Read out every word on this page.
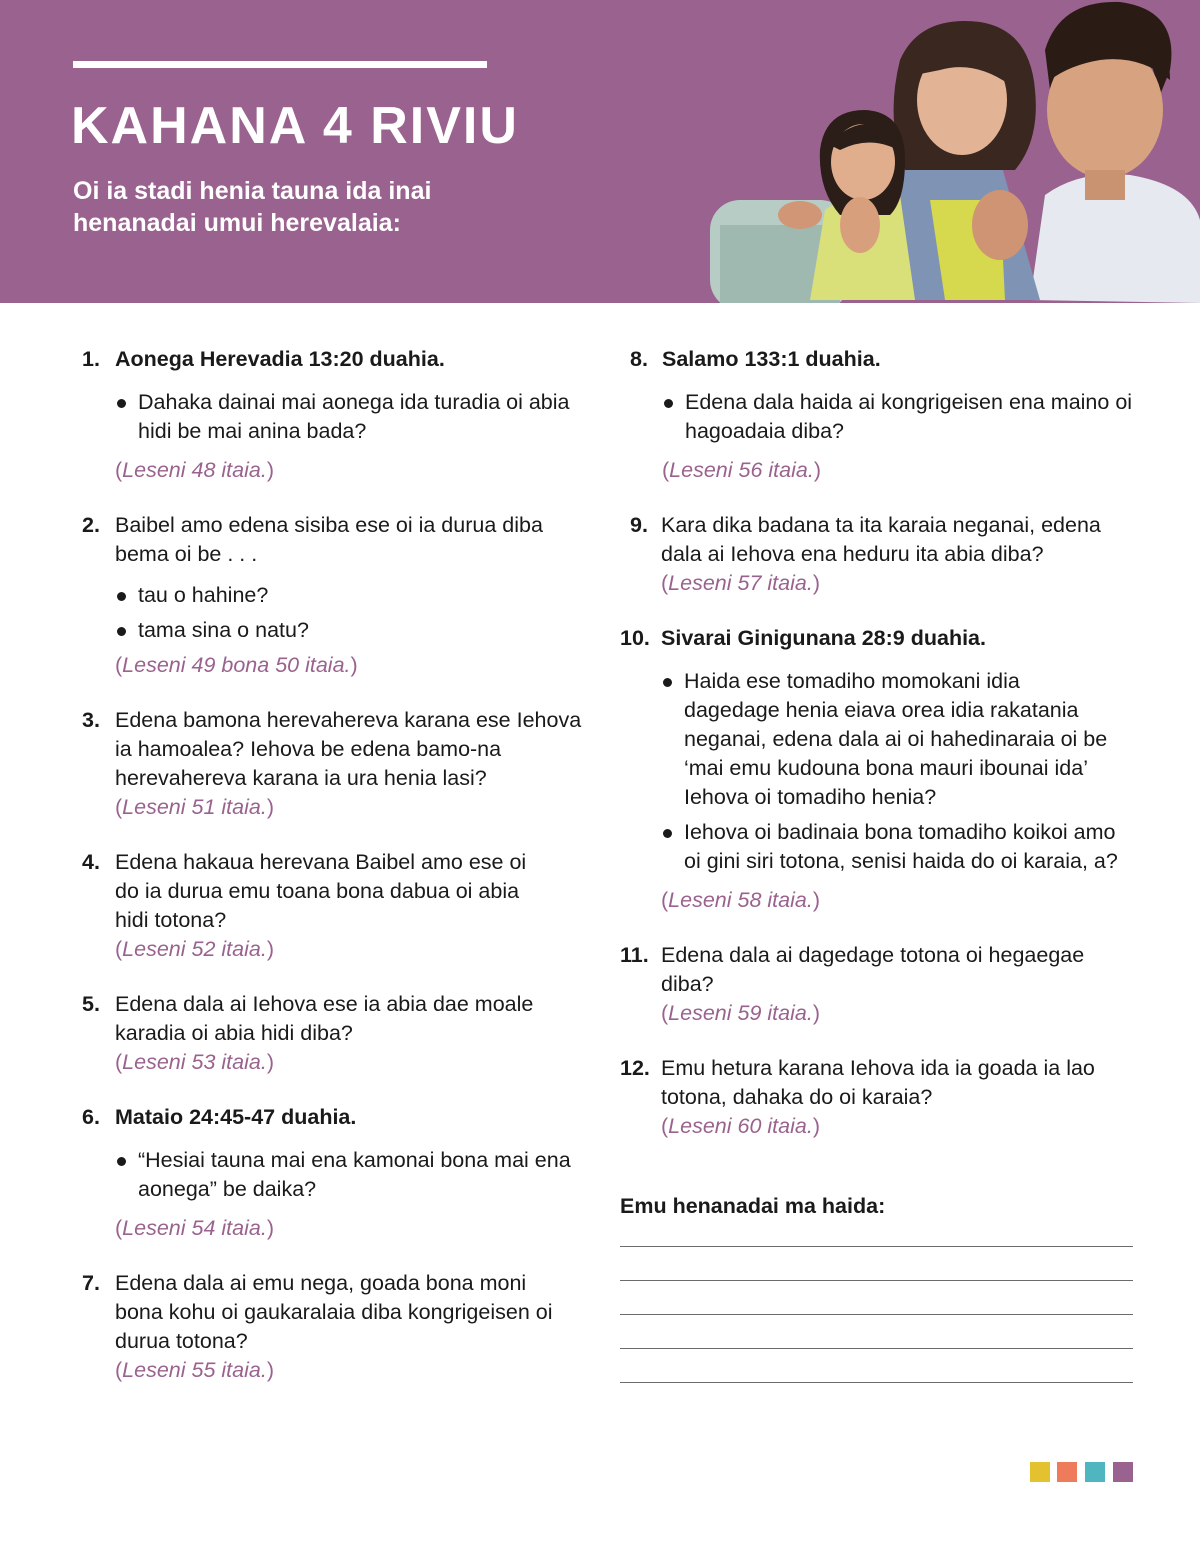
KAHANA 4 RIVIU

Oi ia stadi henia tauna ida inai henanadai umui herevalaia:

1. Aonega Herevadia 13:20 duahia.
Dahaka dainai mai aonega ida turadia oi abia hidi be mai anina bada?
(Leseni 48 itaia.)
2. Baibel amo edena sisiba ese oi ia durua diba bema oi be . . .
tau o hahine?
tama sina o natu?
(Leseni 49 bona 50 itaia.)
3. Edena bamona herevahereva karana ese Iehova ia hamoalea? Iehova be edena bamo-na herevahereva karana ia ura henia lasi?
(Leseni 51 itaia.)
4. Edena hakaua herevana Baibel amo ese oi do ia durua emu toana bona dabua oi abia hidi totona?
(Leseni 52 itaia.)
5. Edena dala ai Iehova ese ia abia dae moale karadia oi abia hidi diba?
(Leseni 53 itaia.)
6. Mataio 24:45-47 duahia.
“Hesiai tauna mai ena kamonai bona mai ena aonega” be daika?
(Leseni 54 itaia.)
7. Edena dala ai emu nega, goada bona moni bona kohu oi gaukaralaia diba kongrigeisen oi durua totona?
(Leseni 55 itaia.)
8. Salamo 133:1 duahia.
Edena dala haida ai kongrigeisen ena maino oi hagoadaia diba?
(Leseni 56 itaia.)
9. Kara dika badana ta ita karaia neganai, edena dala ai Iehova ena heduru ita abia diba?
(Leseni 57 itaia.)
10. Sivarai Ginigunana 28:9 duahia.
Haida ese tomadiho momokani idia dagedage henia eiava orea idia rakatania neganai, edena dala ai oi hahedinaraia oi be ‘mai emu kudouna bona mauri ibounai ida’ Iehova oi tomadiho henia?
Iehova oi badinaia bona tomadiho koikoi amo oi gini siri totona, senisi haida do oi karaia, a?
(Leseni 58 itaia.)
11. Edena dala ai dagedage totona oi hegaegae diba?
(Leseni 59 itaia.)
12. Emu hetura karana Iehova ida ia goada ia lao totona, dahaka do oi karaia?
(Leseni 60 itaia.)

Emu henanadai ma haida:
